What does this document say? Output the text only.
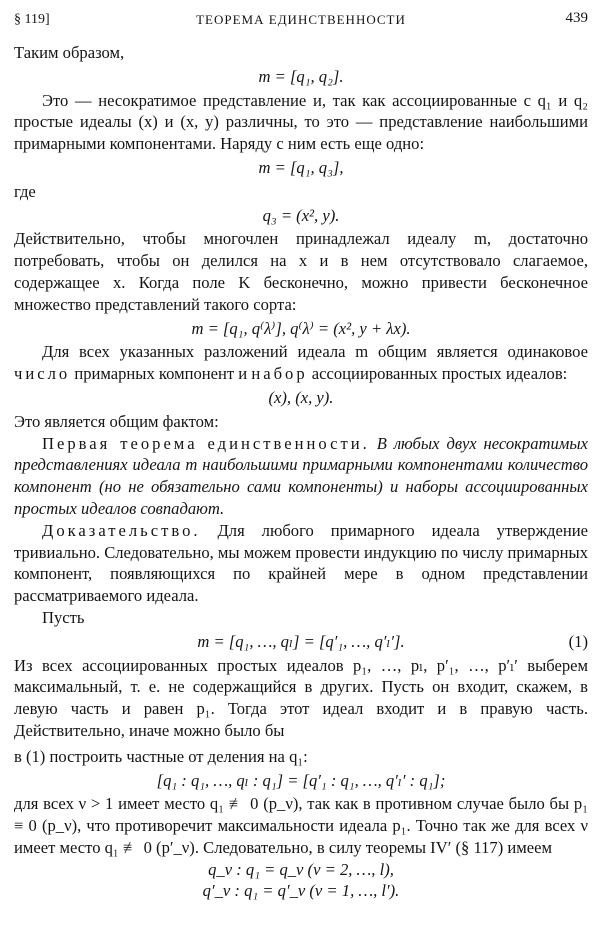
§ 119]	ТЕОРЕМА ЕДИНСТВЕННОСТИ	439

Таким образом,

m = [q₁, q₂].

Это — несократимое представление и, так как ассоциированные с q₁ и q₂ простые идеалы (x) и (x, y) различны, то это — представление наибольшими примарными компонентами. Наряду с ним есть еще одно:

m = [q₁, q₃],

где

q₃ = (x², y).

Действительно, чтобы многочлен принадлежал идеалу m, достаточно потребовать, чтобы он делился на x и в нем отсутствовало слагаемое, содержащее x. Когда поле K бесконечно, можно привести бесконечное множество представлений такого сорта:

m = [q₁, q⁽λ⁾], q⁽λ⁾ = (x², y + λx).

Для всех указанных разложений идеала m общим является одинаковое число примарных компонент и набор ассоциированных простых идеалов:

(x), (x, y).

Это является общим фактом:

Первая теорема единственности. В любых двух несократимых представлениях идеала m наибольшими примарными компонентами количество компонент (но не обязательно сами компоненты) и наборы ассоциированных простых идеалов совпадают.

Доказательство. Для любого примарного идеала утверждение тривиально. Следовательно, мы можем провести индукцию по числу примарных компонент, появляющихся по крайней мере в одном представлении рассматриваемого идеала.

Пусть

m = [q₁, …, qₗ] = [q′₁, …, q′ₗ′].	(1)

Из всех ассоциированных простых идеалов p₁, …, pₗ, p′₁, …, p′ₗ′ выберем максимальный, т. е. не содержащийся в других. Пусть он входит, скажем, в левую часть и равен p₁. Тогда этот идеал входит и в правую часть. Действительно, иначе можно было бы

в (1) построить частные от деления на q₁:

[q₁ : q₁, …, qₗ : q₁] = [q′₁ : q₁, …, q′ₗ′ : q₁];

для всех ν > 1 имеет место q₁ ≢ 0 (p_ν), так как в противном случае было бы p₁ ≡ 0 (p_ν), что противоречит максимальности идеала p₁. Точно так же для всех ν имеет место q₁ ≢ 0 (p′_ν). Следовательно, в силу теоремы IV′ (§ 117) имеем

q_ν : q₁ = q_ν (ν = 2, …, l),
q′_ν : q₁ = q′_ν (ν = 1, …, l′).
